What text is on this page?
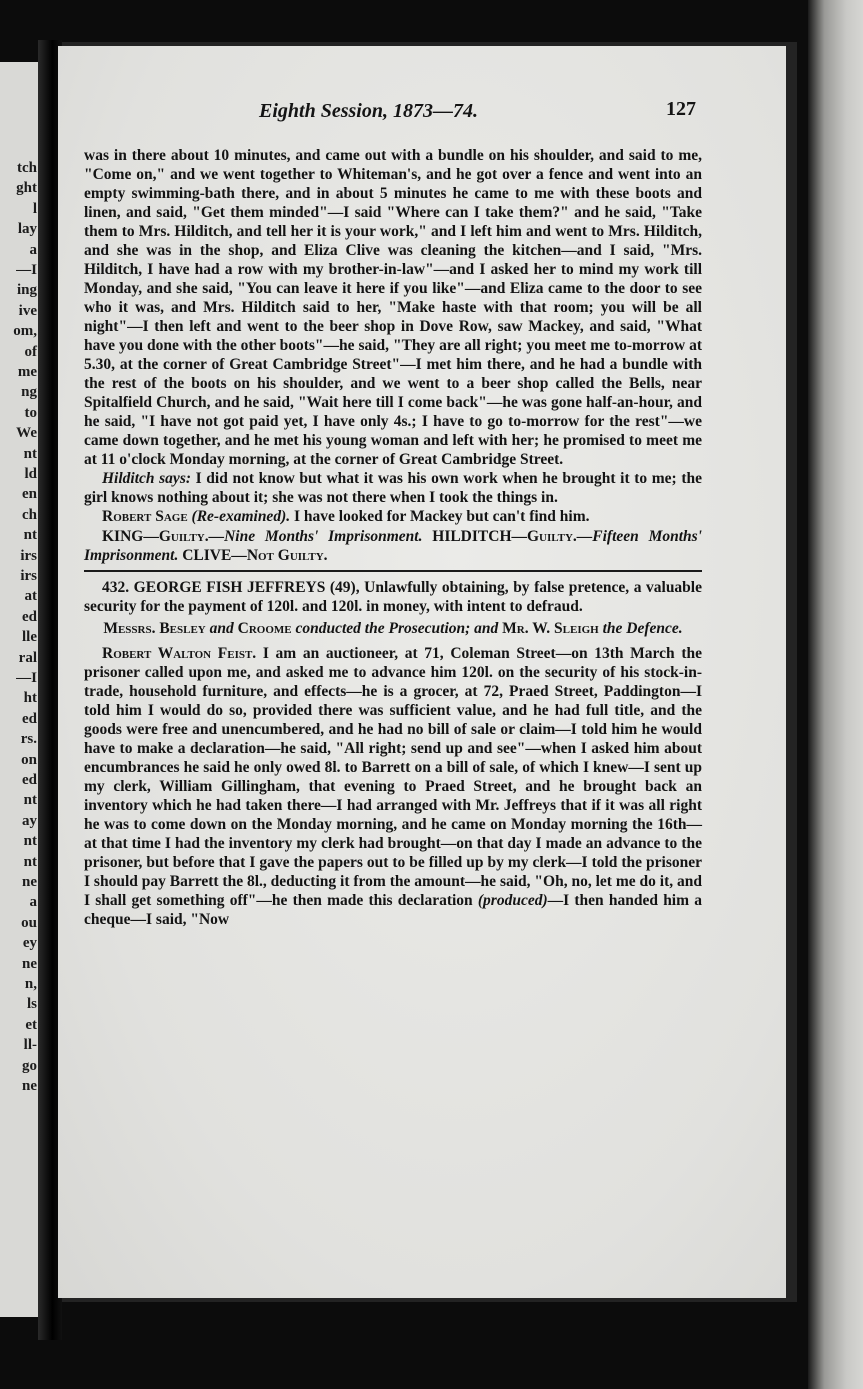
tch
ght
l
lay
a
—I
ing
ive
om,
of
me
ng
to
We
nt
ld
en
ch
nt
irs
irs
at
ed
lle
ral
—I
ht
ed
rs.
on
ed
nt
ay
nt
nt
ne
a
ou
ey
ne
n,
ls
et
ll-
go
ne
Eighth Session, 1873—74.	127

was in there about 10 minutes, and came out with a bundle on his shoulder, and said to me, "Come on," and we went together to Whiteman's, and he got over a fence and went into an empty swimming-bath there, and in about 5 minutes he came to me with these boots and linen, and said, "Get them minded"—I said "Where can I take them?" and he said, "Take them to Mrs. Hilditch, and tell her it is your work," and I left him and went to Mrs. Hilditch, and she was in the shop, and Eliza Clive was cleaning the kitchen—and I said, "Mrs. Hilditch, I have had a row with my brother-in-law"—and I asked her to mind my work till Monday, and she said, "You can leave it here if you like"—and Eliza came to the door to see who it was, and Mrs. Hilditch said to her, "Make haste with that room; you will be all night"—I then left and went to the beer shop in Dove Row, saw Mackey, and said, "What have you done with the other boots"—he said, "They are all right; you meet me to-morrow at 5.30, at the corner of Great Cambridge Street"—I met him there, and he had a bundle with the rest of the boots on his shoulder, and we went to a beer shop called the Bells, near Spitalfield Church, and he said, "Wait here till I come back"—he was gone half-an-hour, and he said, "I have not got paid yet, I have only 4s.; I have to go to-morrow for the rest"—we came down together, and he met his young woman and left with her; he promised to meet me at 11 o'clock Monday morning, at the corner of Great Cambridge Street.

Hilditch says: I did not know but what it was his own work when he brought it to me; the girl knows nothing about it; she was not there when I took the things in.

Robert Sage (Re-examined). I have looked for Mackey but can't find him.

KING—Guilty.—Nine Months' Imprisonment. HILDITCH—Guilty.—Fifteen Months' Imprisonment. CLIVE—Not Guilty.

432. GEORGE FISH JEFFREYS (49), Unlawfully obtaining, by false pretence, a valuable security for the payment of 120l. and 120l. in money, with intent to defraud.

Messrs. Besley and Croome conducted the Prosecution; and Mr. W. Sleigh the Defence.

Robert Walton Feist. I am an auctioneer, at 71, Coleman Street—on 13th March the prisoner called upon me, and asked me to advance him 120l. on the security of his stock-in-trade, household furniture, and effects—he is a grocer, at 72, Praed Street, Paddington—I told him I would do so, provided there was sufficient value, and he had full title, and the goods were free and unencumbered, and he had no bill of sale or claim—I told him he would have to make a declaration—he said, "All right; send up and see"—when I asked him about encumbrances he said he only owed 8l. to Barrett on a bill of sale, of which I knew—I sent up my clerk, William Gillingham, that evening to Praed Street, and he brought back an inventory which he had taken there—I had arranged with Mr. Jeffreys that if it was all right he was to come down on the Monday morning, and he came on Monday morning the 16th—at that time I had the inventory my clerk had brought—on that day I made an advance to the prisoner, but before that I gave the papers out to be filled up by my clerk—I told the prisoner I should pay Barrett the 8l., deducting it from the amount—he said, "Oh, no, let me do it, and I shall get something off"—he then made this declaration (produced)—I then handed him a cheque—I said, "Now
